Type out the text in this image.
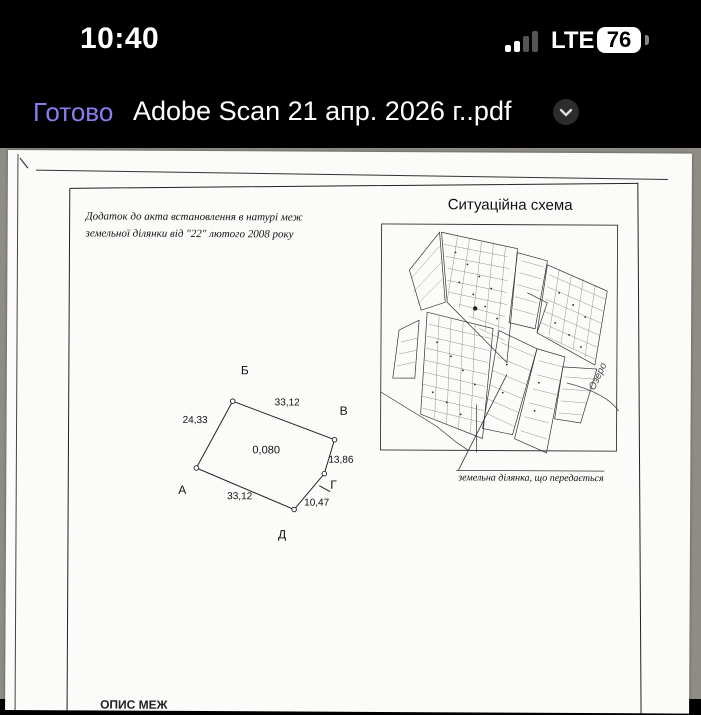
10:40	LTE 76
Готово Adobe Scan 21 апр. 2026 г..pdf
Додаток до акта встановлення в натурі меж
земельної ділянки від "22" лютого 2008 року
Ситуаційна схема
земельна ділянка, що передається
Озеро
Б
В
Г
Д
А
24,33
33,12
13,86
10,47
33,12
0,080
ОПИС МЕЖ
